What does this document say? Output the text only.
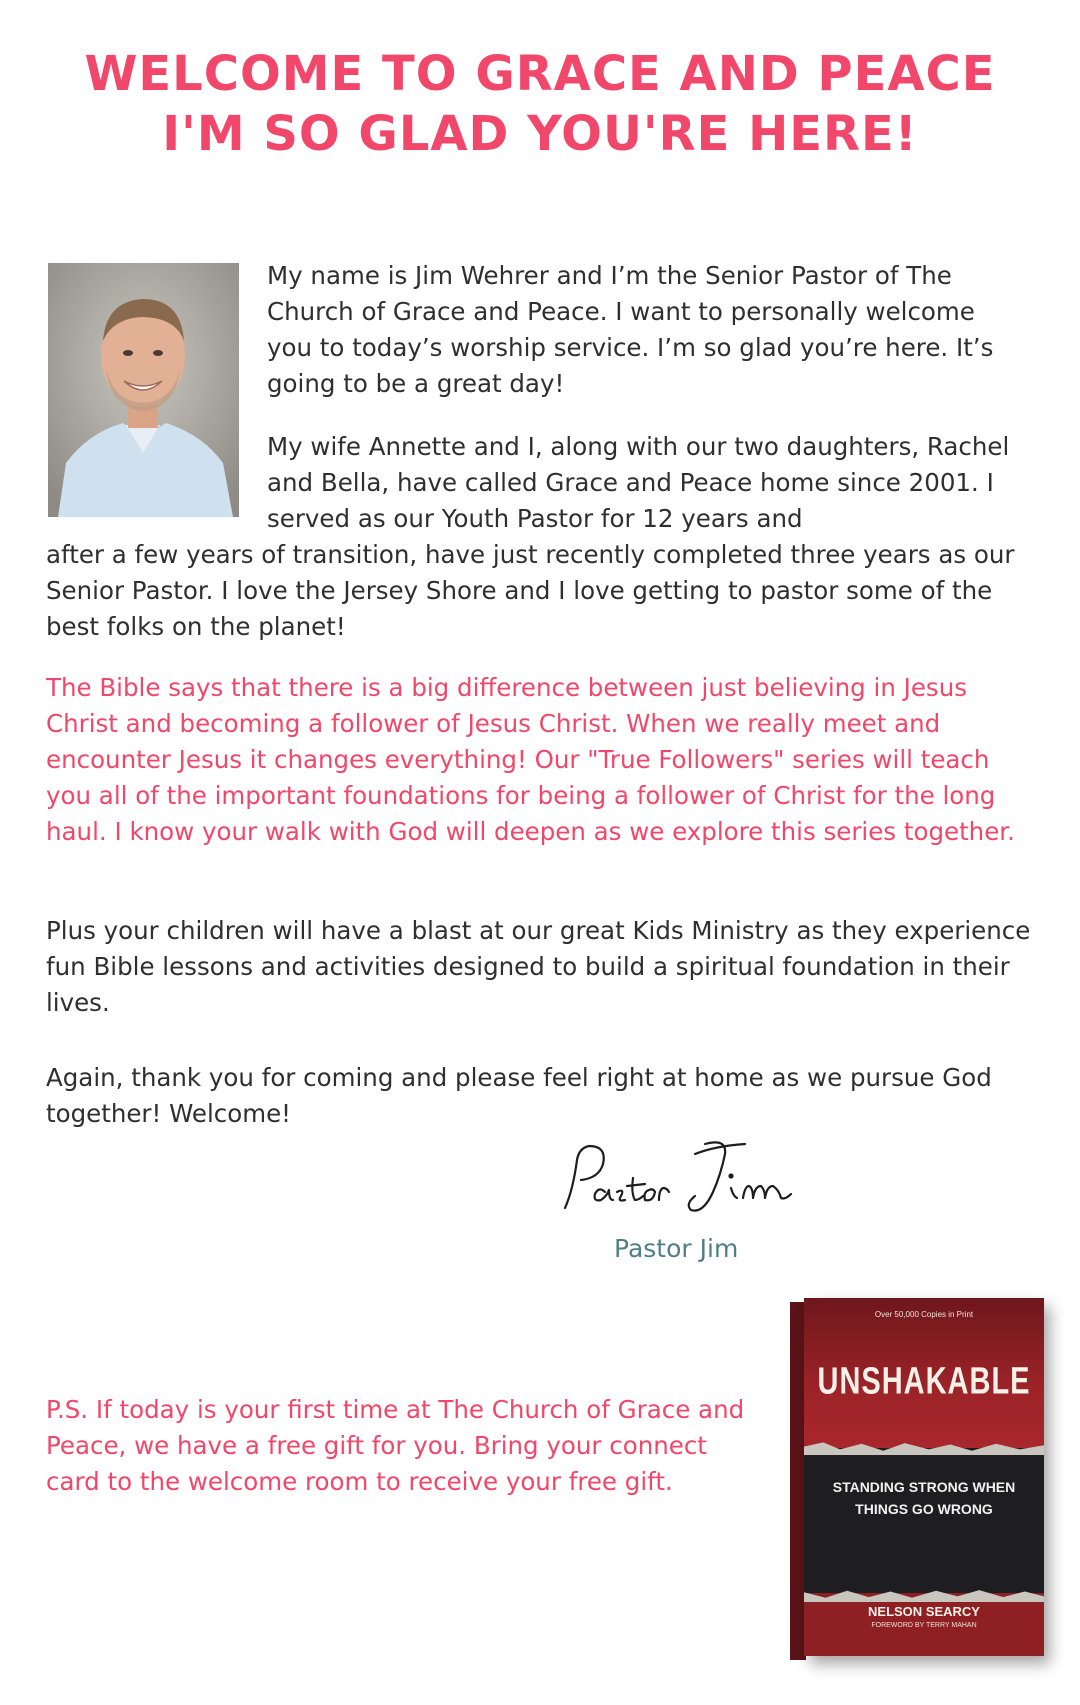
WELCOME TO GRACE AND PEACE
I'M SO GLAD YOU'RE HERE!

My name is Jim Wehrer and I’m the Senior Pastor of The Church of Grace and Peace. I want to personally welcome you to today’s worship service. I’m so glad you’re here. It’s going to be a great day!

My wife Annette and I, along with our two daughters, Rachel and Bella, have called Grace and Peace home since 2001. I served as our Youth Pastor for 12 years and

after a few years of transition, have just recently completed three years as our Senior Pastor. I love the Jersey Shore and I love getting to pastor some of the best folks on the planet!

The Bible says that there is a big difference between just believing in Jesus Christ and becoming a follower of Jesus Christ. When we really meet and encounter Jesus it changes everything! Our "True Followers" series will teach you all of the important foundations for being a follower of Christ for the long haul. I know your walk with God will deepen as we explore this series together.

Plus your children will have a blast at our great Kids Ministry as they experience fun Bible lessons and activities designed to build a spiritual foundation in their lives.

Again, thank you for coming and please feel right at home as we pursue God together! Welcome!

Pastor Jim

P.S. If today is your first time at The Church of Grace and Peace, we have a free gift for you. Bring your connect card to the welcome room to receive your free gift.

Over 50,000 Copies in Print
UNSHAKABLE
STANDING STRONG WHEN THINGS GO WRONG
NELSON SEARCY
FOREWORD BY TERRY MAHAN
